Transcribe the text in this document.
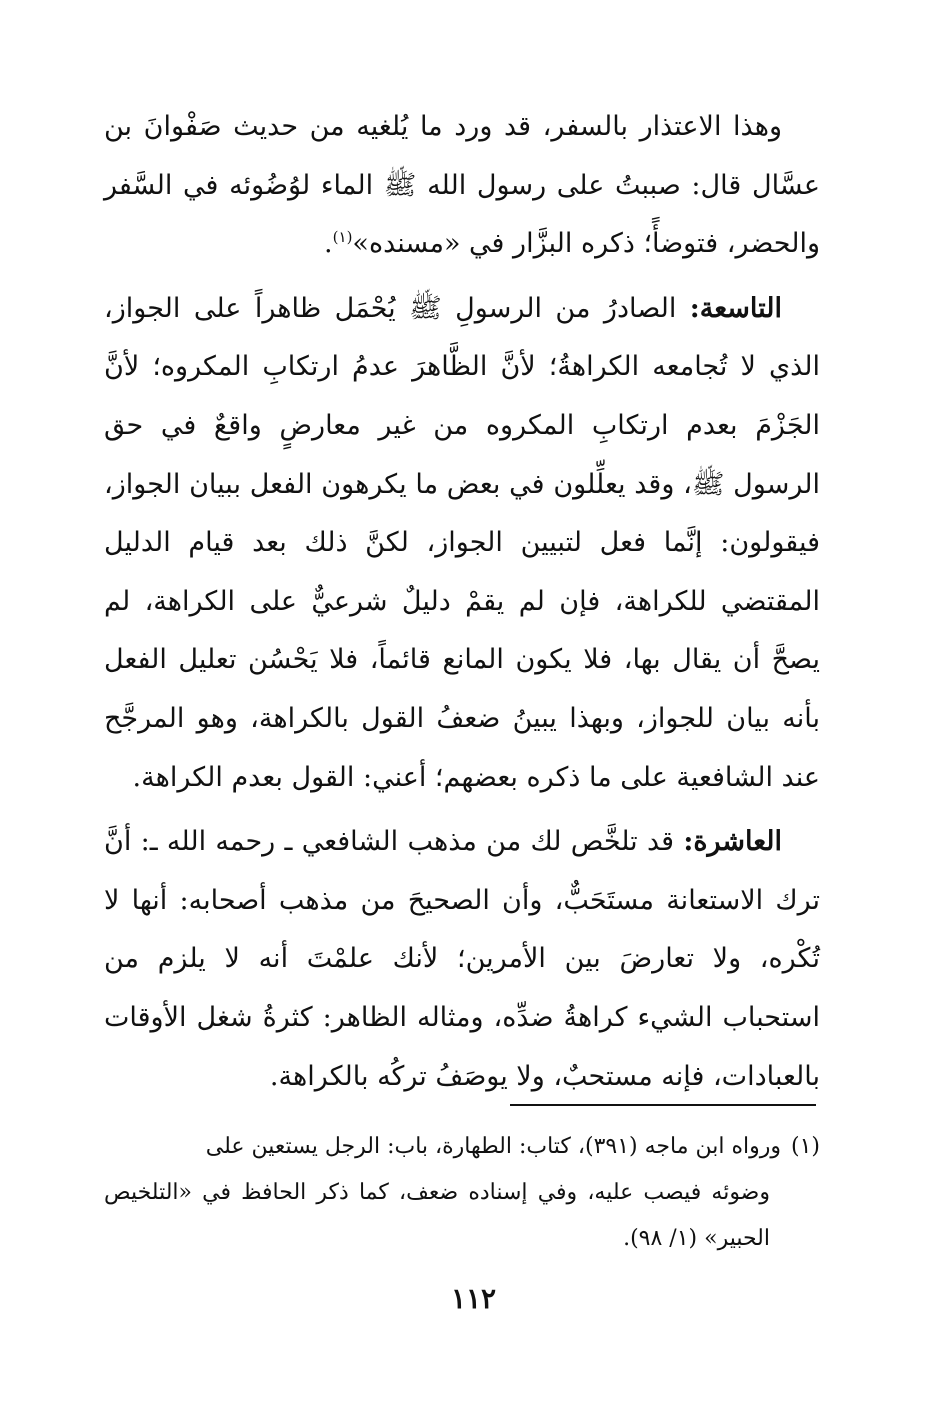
وهذا الاعتذار بالسفر، قد ورد ما يُلغيه من حديث صَفْوانَ بن عسَّال قال: صببتُ على رسول الله ﷺ الماء لوُضُوئه في السَّفر والحضر، فتوضأً؛ ذكره البزَّار في «مسنده»$^{(١)}$.

التاسعة: الصادرُ من الرسولِ ﷺ يُحْمَل ظاهراً على الجواز، الذي لا تُجامعه الكراهةُ؛ لأنَّ الظَّاهرَ عدمُ ارتكابِ المكروه؛ لأنَّ الجَزْمَ بعدم ارتكابِ المكروه من غير معارضٍ واقعٌ في حق الرسول ﷺ، وقد يعلِّلون في بعض ما يكرهون الفعل ببيان الجواز، فيقولون: إنَّما فعل لتبيين الجواز، لكنَّ ذلك بعد قيام الدليل المقتضي للكراهة، فإن لم يقمْ دليلٌ شرعيٌّ على الكراهة، لم يصحَّ أن يقال بها، فلا يكون المانع قائماً، فلا يَحْسُن تعليل الفعل بأنه بيان للجواز، وبهذا يبينُ ضعفُ القول بالكراهة، وهو المرجَّح عند الشافعية على ما ذكره بعضهم؛ أعني: القول بعدم الكراهة.

العاشرة: قد تلخَّص لك من مذهب الشافعي ـ رحمه الله ـ: أنَّ ترك الاستعانة مستَحَبٌّ، وأن الصحيحَ من مذهب أصحابه: أنها لا تُكْره، ولا تعارضَ بين الأمرين؛ لأنك علمْتَ أنه لا يلزم من استحباب الشيء كراهةُ ضدِّه، ومثاله الظاهر: كثرةُ شغل الأوقات بالعبادات، فإنه مستحبٌ، ولا يوصَفُ تركُه بالكراهة.

(١)ورواه ابن ماجه (٣٩١)، كتاب: الطهارة، باب: الرجل يستعين على
وضوئه فيصب عليه، وفي إسناده ضعف، كما ذكر الحافظ في «التلخيص الحبير» (١/ ٩٨).
١١٢
